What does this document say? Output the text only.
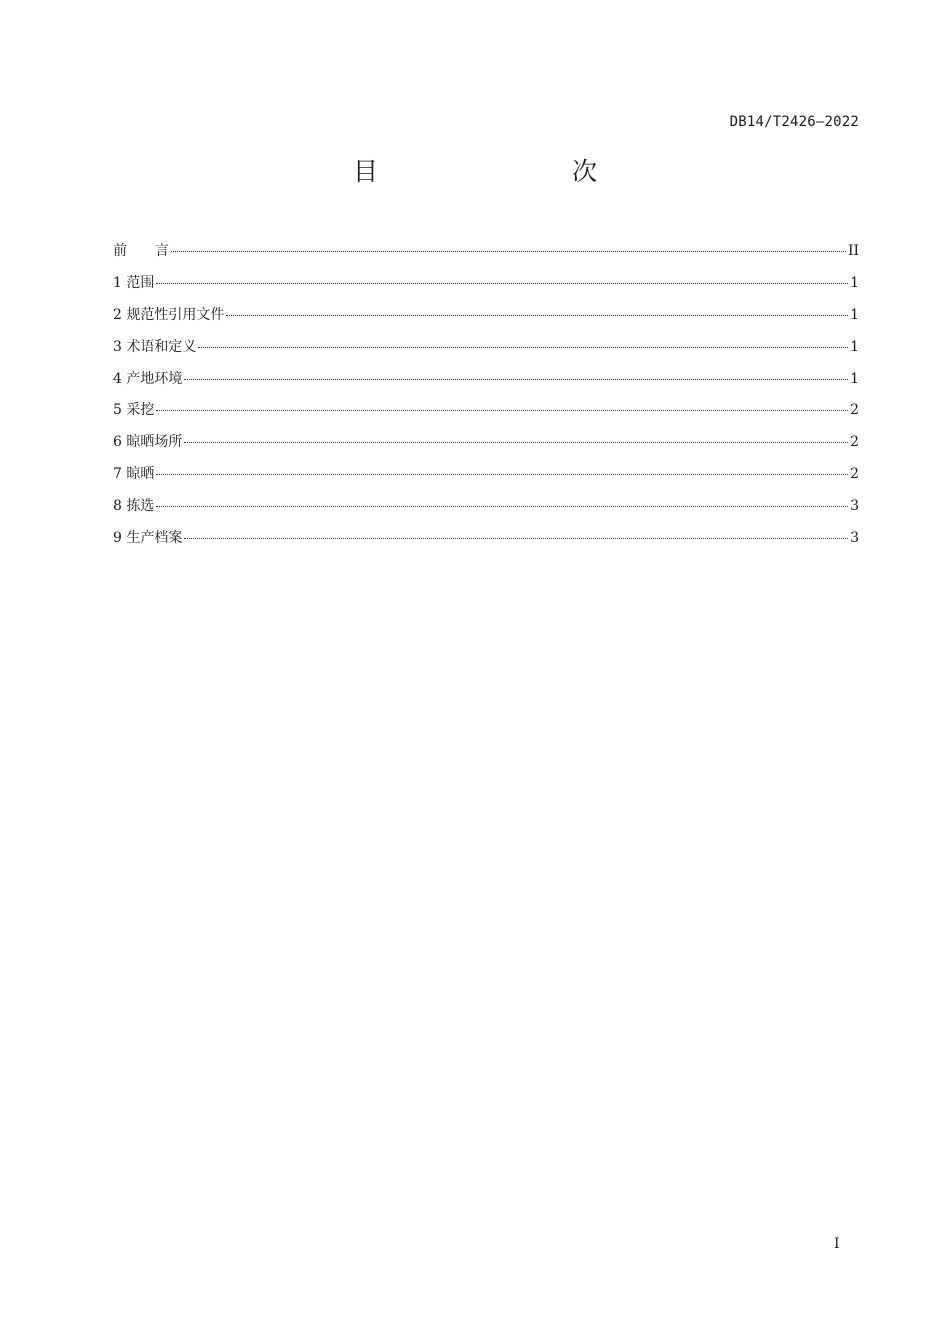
DB14/T2426—2022
目　　次
前　　言	II
1 范围	1
2 规范性引用文件	1
3 术语和定义	1
4 产地环境	1
5 采挖	2
6 晾晒场所	2
7 晾晒	2
8 拣选	3
9 生产档案	3
I
